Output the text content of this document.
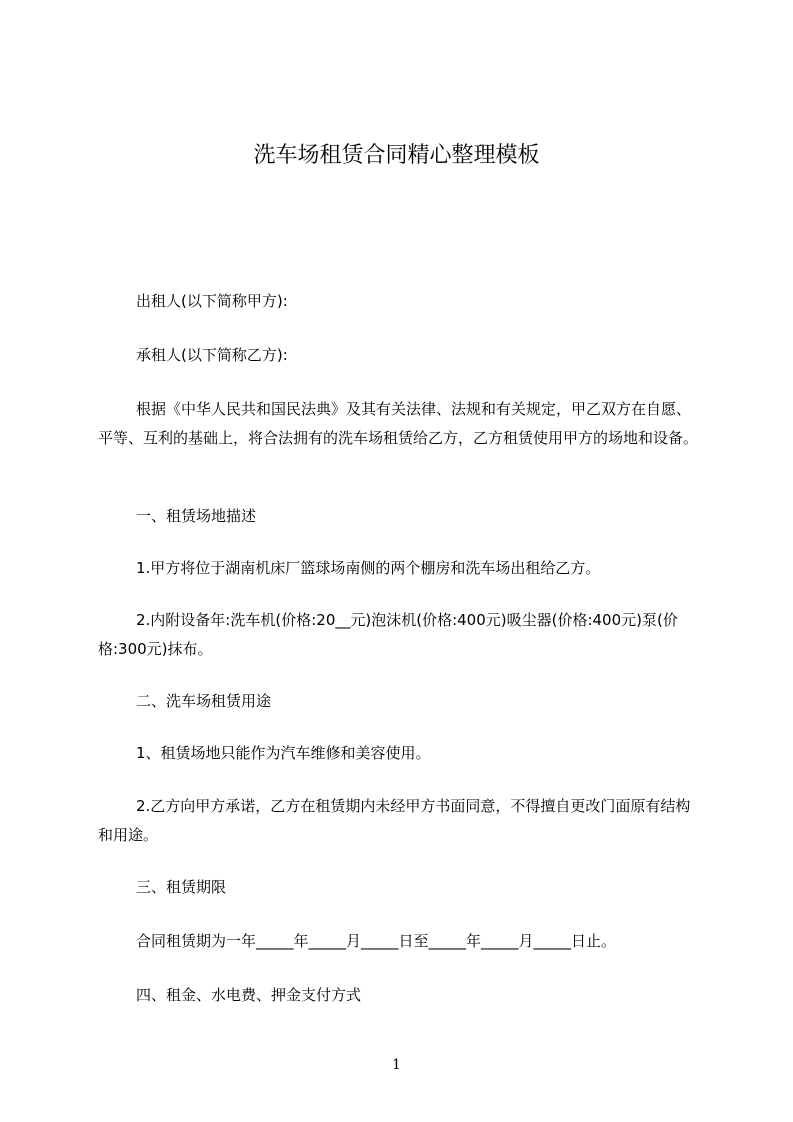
洗车场租赁合同精心整理模板

出租人(以下简称甲方):

承租人(以下简称乙方):

根据《中华人民共和国民法典》及其有关法律、法规和有关规定，甲乙双方在自愿、平等、互利的基础上，将合法拥有的洗车场租赁给乙方，乙方租赁使用甲方的场地和设备。

一、租赁场地描述

1.甲方将位于湖南机床厂篮球场南侧的两个棚房和洗车场出租给乙方。

2.内附设备年:洗车机(价格:20__元)泡沫机(价格:400元)吸尘器(价格:400元)泵(价格:300元)抹布。

二、洗车场租赁用途

1、租赁场地只能作为汽车维修和美容使用。

2.乙方向甲方承诺，乙方在租赁期内未经甲方书面同意，不得擅自更改门面原有结构和用途。

三、租赁期限

合同租赁期为一年_____年_____月_____日至_____年_____月_____日止。

四、租金、水电费、押金支付方式

1
